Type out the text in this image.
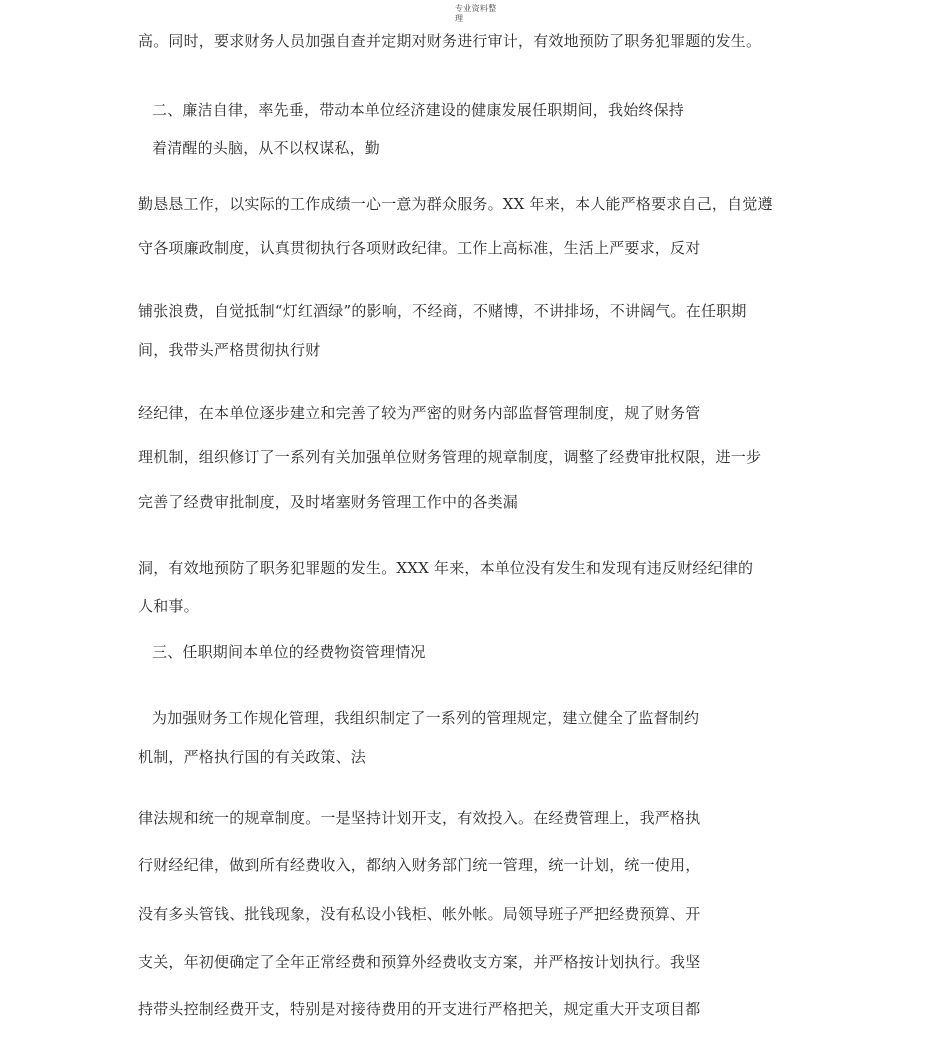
专业资料整
理
高。同时，要求财务人员加强自查并定期对财务进行审计，有效地预防了职务犯罪题的发生。
二、廉洁自律，率先垂，带动本单位经济建设的健康发展任职期间，我始终保持
着清醒的头脑，从不以权谋私，勤
勤恳恳工作，以实际的工作成绩一心一意为群众服务。XX 年来，本人能严格要求自己，自觉遵
守各项廉政制度，认真贯彻执行各项财政纪律。工作上高标准，生活上严要求，反对
铺张浪费，自觉抵制“灯红酒绿”的影响，不经商，不赌博，不讲排场，不讲阔气。在任职期
间，我带头严格贯彻执行财
经纪律，在本单位逐步建立和完善了较为严密的财务内部监督管理制度，规了财务管
理机制，组织修订了一系列有关加强单位财务管理的规章制度，调整了经费审批权限，进一步
完善了经费审批制度，及时堵塞财务管理工作中的各类漏
洞，有效地预防了职务犯罪题的发生。XXX 年来，本单位没有发生和发现有违反财经纪律的
人和事。
三、任职期间本单位的经费物资管理情况
为加强财务工作规化管理，我组织制定了一系列的管理规定，建立健全了监督制约
机制，严格执行国的有关政策、法
律法规和统一的规章制度。一是坚持计划开支，有效投入。在经费管理上，我严格执
行财经纪律，做到所有经费收入，都纳入财务部门统一管理，统一计划，统一使用，
没有多头管钱、批钱现象，没有私设小钱柜、帐外帐。局领导班子严把经费预算、开
支关，年初便确定了全年正常经费和预算外经费收支方案，并严格按计划执行。我坚
持带头控制经费开支，特别是对接待费用的开支进行严格把关，规定重大开支项目都
